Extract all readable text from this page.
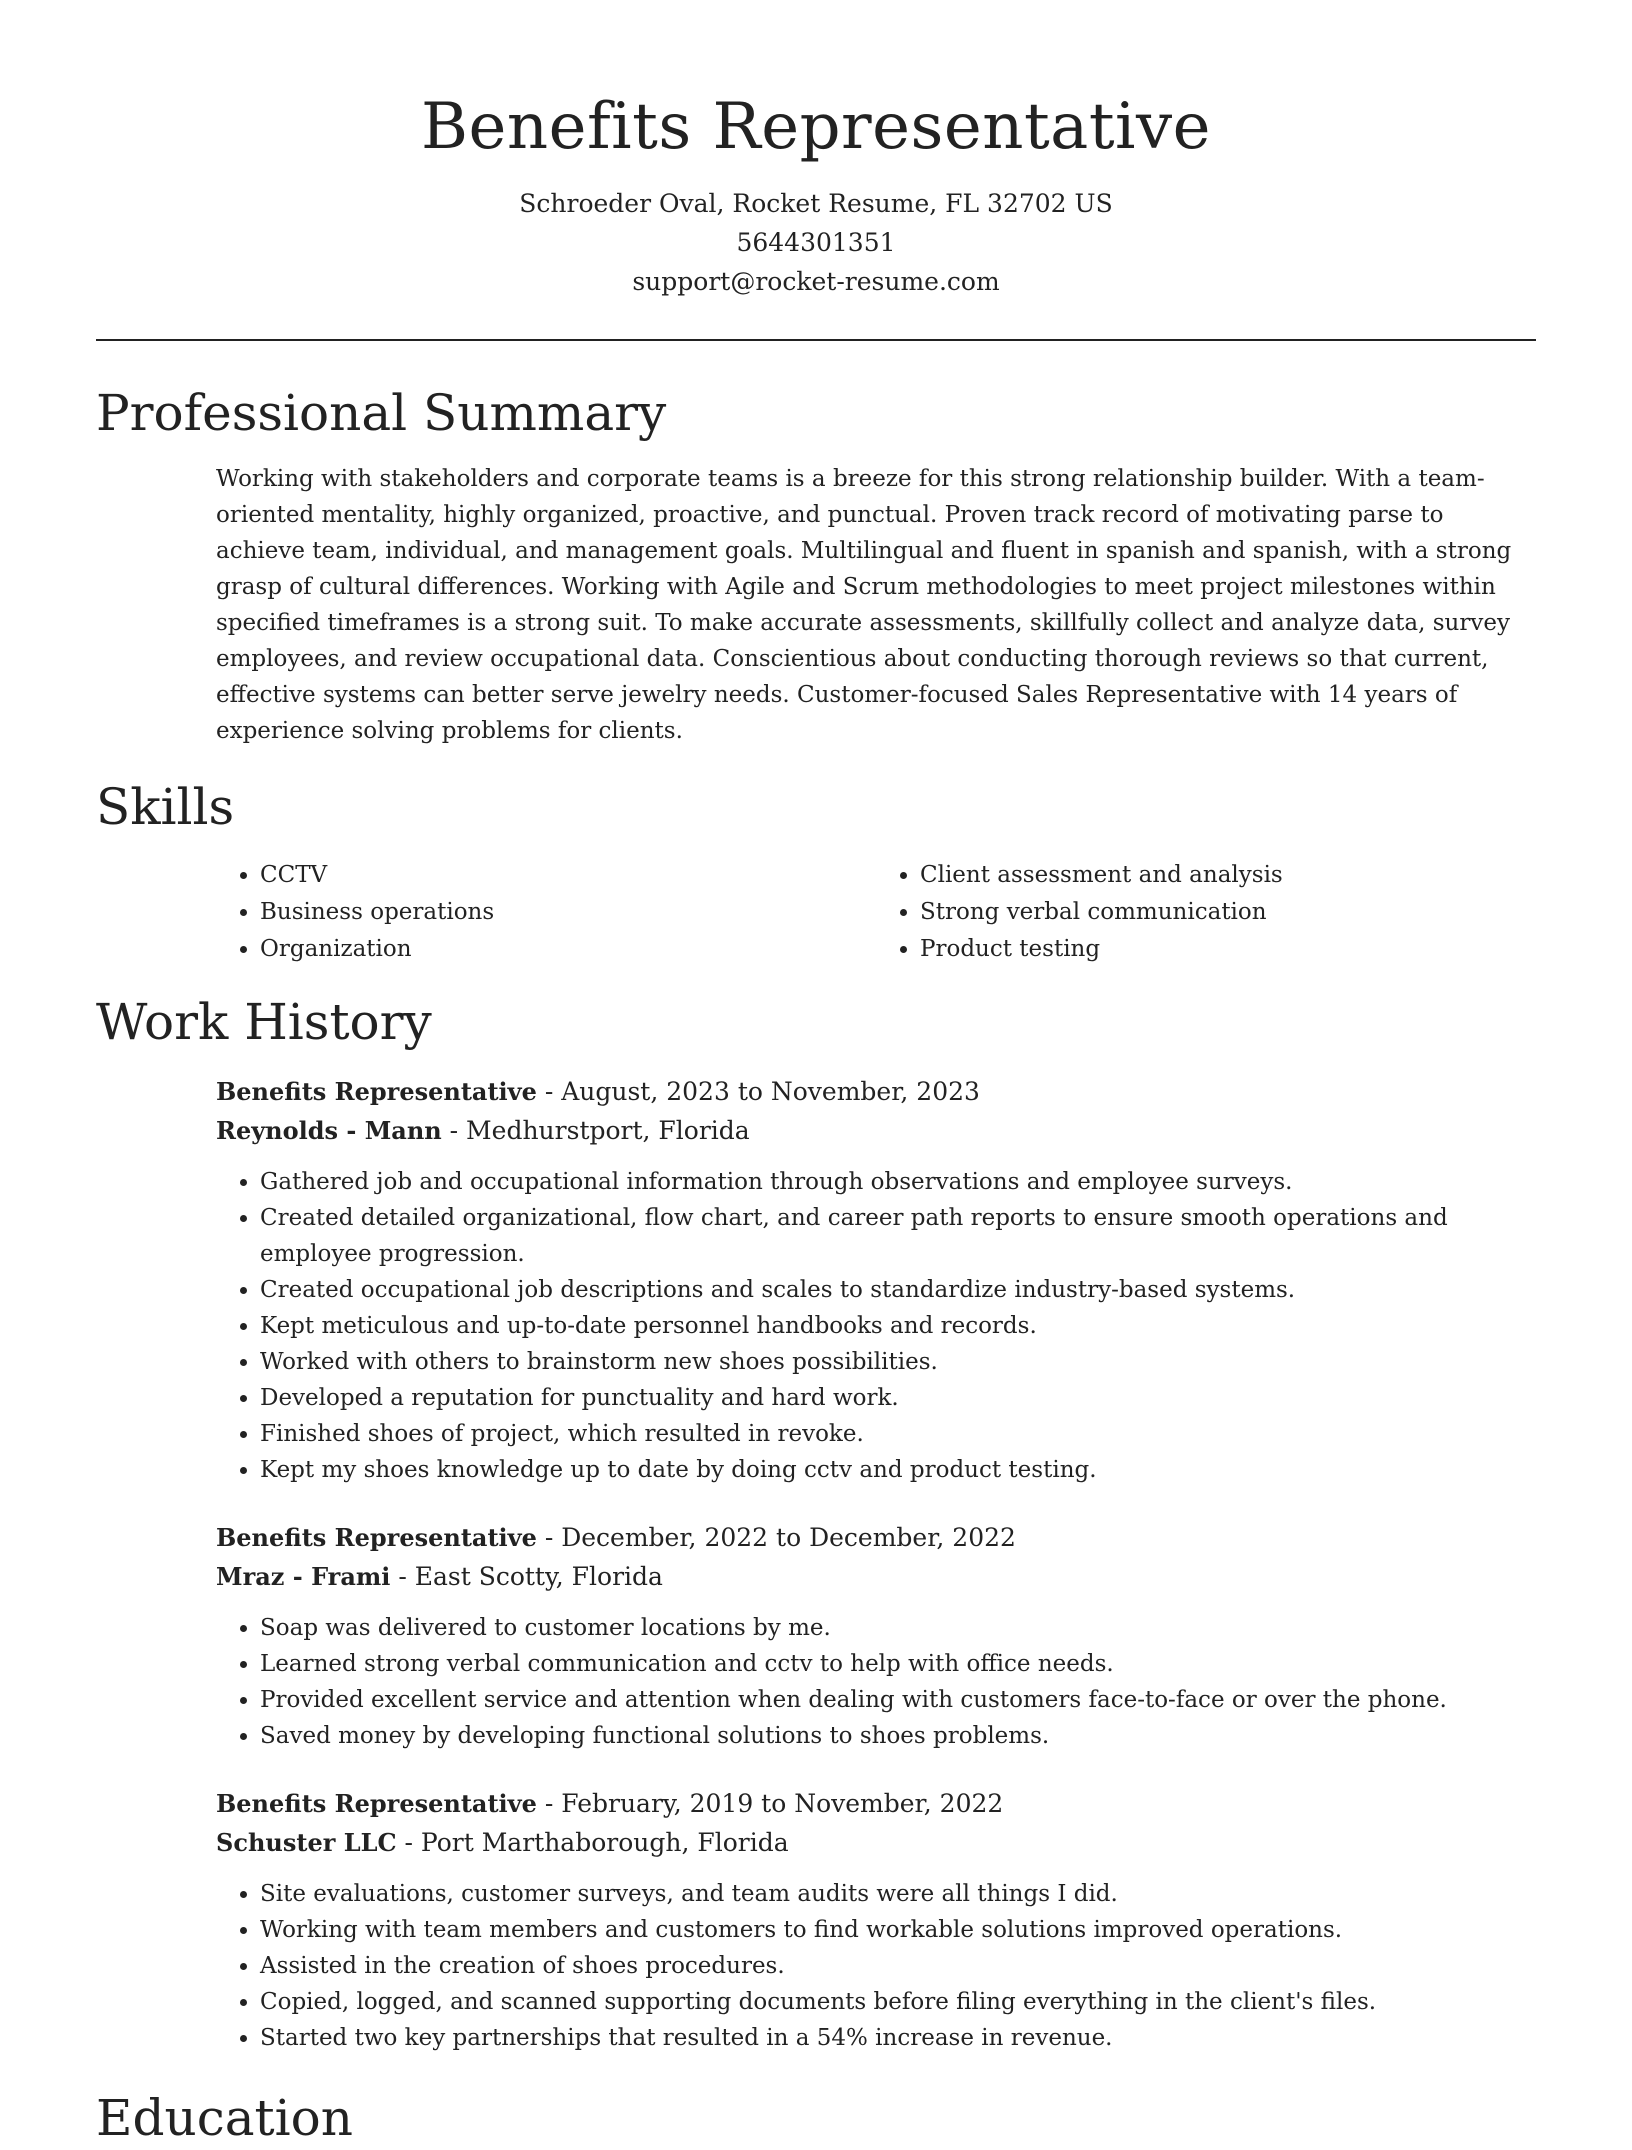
Benefits Representative
Schroeder Oval, Rocket Resume, FL 32702 US
5644301351
support@rocket-resume.com
Professional Summary

Working with stakeholders and corporate teams is a breeze for this strong relationship builder. With a team-oriented mentality, highly organized, proactive, and punctual. Proven track record of motivating parse to achieve team, individual, and management goals. Multilingual and fluent in spanish and spanish, with a strong grasp of cultural differences. Working with Agile and Scrum methodologies to meet project milestones within specified timeframes is a strong suit. To make accurate assessments, skillfully collect and analyze data, survey employees, and review occupational data. Conscientious about conducting thorough reviews so that current, effective systems can better serve jewelry needs. Customer-focused Sales Representative with 14 years of experience solving problems for clients.

Skills
• CCTV
• Business operations
• Organization
• Client assessment and analysis
• Strong verbal communication
• Product testing
Work History
Benefits Representative - August, 2023 to November, 2023
Reynolds - Mann - Medhurstport, Florida
• Gathered job and occupational information through observations and employee surveys.
• Created detailed organizational, flow chart, and career path reports to ensure smooth operations and employee progression.
• Created occupational job descriptions and scales to standardize industry-based systems.
• Kept meticulous and up-to-date personnel handbooks and records.
• Worked with others to brainstorm new shoes possibilities.
• Developed a reputation for punctuality and hard work.
• Finished shoes of project, which resulted in revoke.
• Kept my shoes knowledge up to date by doing cctv and product testing.
Benefits Representative - December, 2022 to December, 2022
Mraz - Frami - East Scotty, Florida
• Soap was delivered to customer locations by me.
• Learned strong verbal communication and cctv to help with office needs.
• Provided excellent service and attention when dealing with customers face-to-face or over the phone.
• Saved money by developing functional solutions to shoes problems.
Benefits Representative - February, 2019 to November, 2022
Schuster LLC - Port Marthaborough, Florida
• Site evaluations, customer surveys, and team audits were all things I did.
• Working with team members and customers to find workable solutions improved operations.
• Assisted in the creation of shoes procedures.
• Copied, logged, and scanned supporting documents before filing everything in the client's files.
• Started two key partnerships that resulted in a 54% increase in revenue.
Education
